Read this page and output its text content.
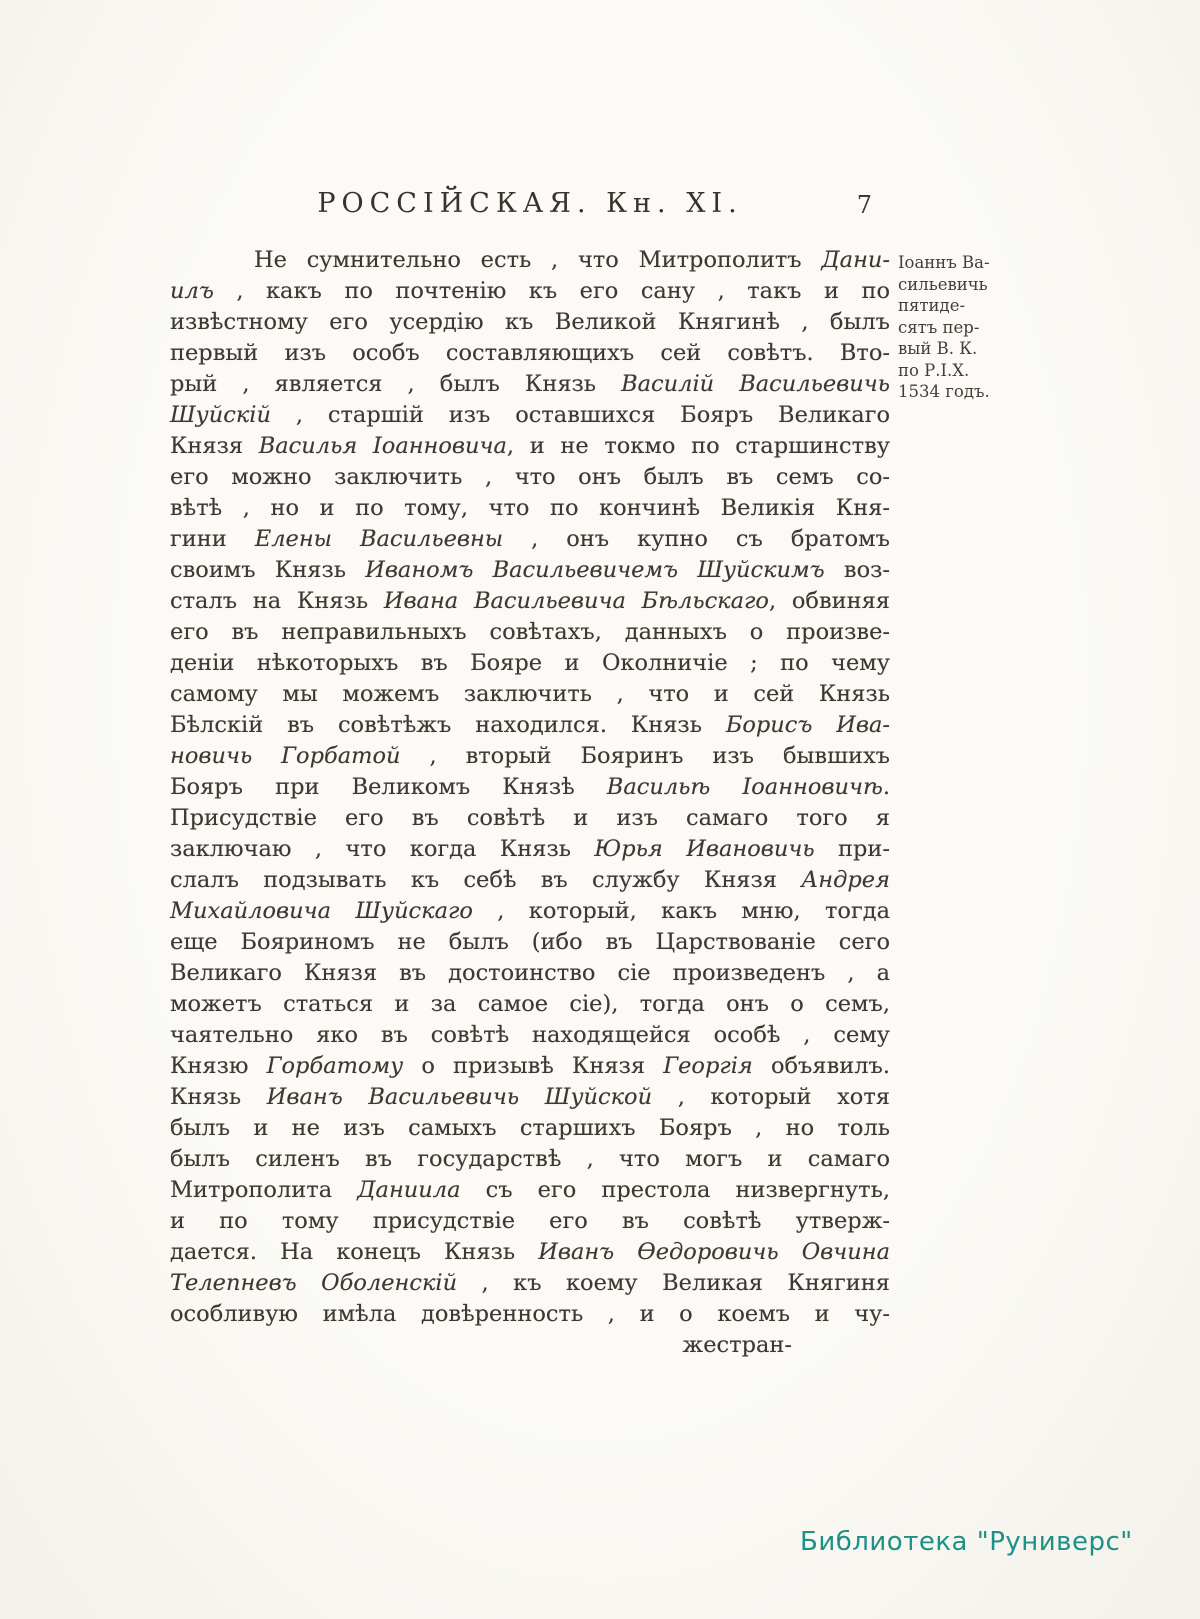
РОССІЙСКАЯ. Кн. XI.	7
Іоаннъ Ва-
сильевичь
пятиде-
сятъ пер-
вый В. К.
по Р.І.Х.
1534 годъ.
Не сумнительно есть , что Митрополитъ Дани-
илъ , какъ по почтенію къ его сану , такъ и по
извѣстному его усердію къ Великой Княгинѣ , былъ
первый изъ особъ составляющихъ сей совѣтъ. Вто-
рый , является , былъ Князь Василій Васильевичь
Шуйскій , старшій изъ оставшихся Бояръ Великаго
Князя Василья Іоанновича, и не токмо по старшинству
его можно заключить , что онъ былъ въ семъ со-
вѣтѣ , но и по тому, что по кончинѣ Великія Кня-
гини Елены Васильевны , онъ купно съ братомъ
своимъ Князь Иваномъ Васильевичемъ Шуйскимъ воз-
сталъ на Князь Ивана Васильевича Бѣльскаго, обвиняя
его въ неправильныхъ совѣтахъ, данныхъ о произве-
деніи нѣкоторыхъ въ Бояре и Околничіе ; по чему
самому мы можемъ заключить , что и сей Князь
Бѣлскій въ совѣтѣжъ находился. Князь Борисъ Ива-
новичь Горбатой , вторый Бояринъ изъ бывшихъ
Бояръ при Великомъ Князѣ Васильѣ Іоанновичѣ.
Присудствіе его въ совѣтѣ и изъ самаго того я
заключаю , что когда Князь Юрья Ивановичь при-
слалъ подзывать къ себѣ въ службу Князя Андрея
Михайловича Шуйскаго , который, какъ мню, тогда
еще Бояриномъ не былъ (ибо въ Царствованіе сего
Великаго Князя въ достоинство сіе произведенъ , а
можетъ статься и за самое сіе), тогда онъ о семъ,
чаятельно яко въ совѣтѣ находящейся особѣ , сему
Князю Горбатому о призывѣ Князя Георгія объявилъ.
Князь Иванъ Васильевичь Шуйской , который хотя
былъ и не изъ самыхъ старшихъ Бояръ , но толь
былъ силенъ въ государствѣ , что могъ и самаго
Митрополита Даниила съ его престола низвергнуть,
и по тому присудствіе его въ совѣтѣ утверж-
дается. На конецъ Князь Иванъ Ѳедоровичь Овчина
Телепневъ Оболенскій , къ коему Великая Княгиня
особливую имѣла довѣренность , и о коемъ и чу-
жестран-
Библиотека "Руниверс"
